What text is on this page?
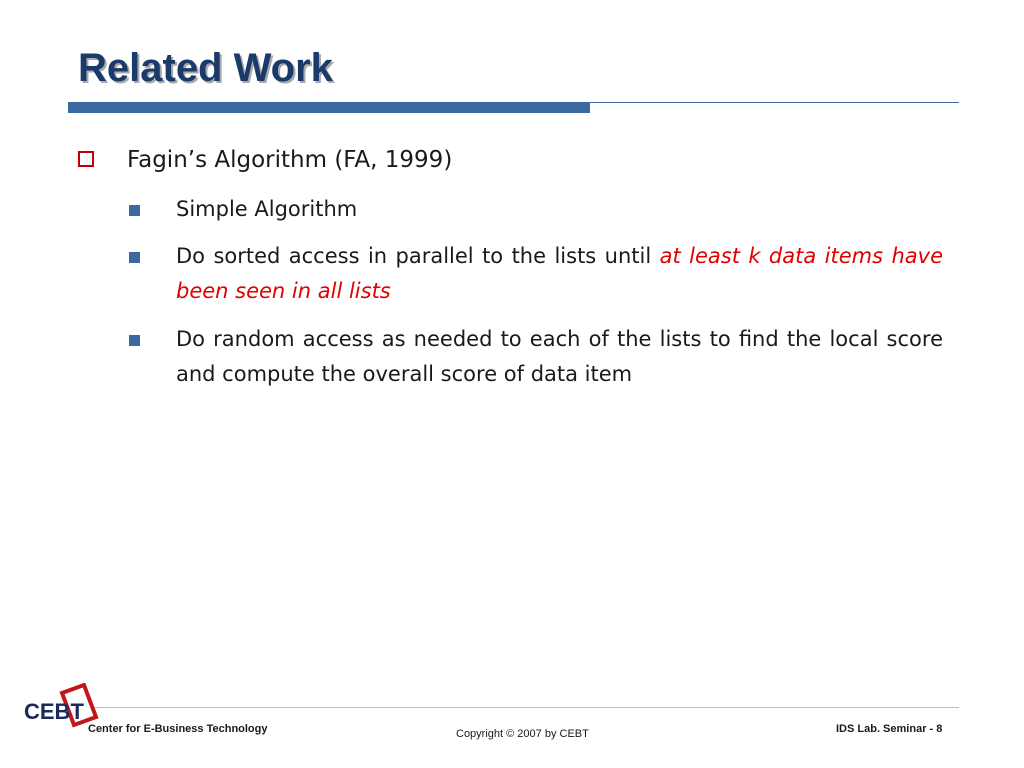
Related Work
Fagin’s Algorithm (FA, 1999)
Simple Algorithm
Do sorted access in parallel to the lists until at least k data items have been seen in all lists
Do random access as needed to each of the lists to find the local score and compute the overall score of data item
CEBT
Center for E-Business Technology	Copyright © 2007 by CEBT	IDS Lab. Seminar - 8
